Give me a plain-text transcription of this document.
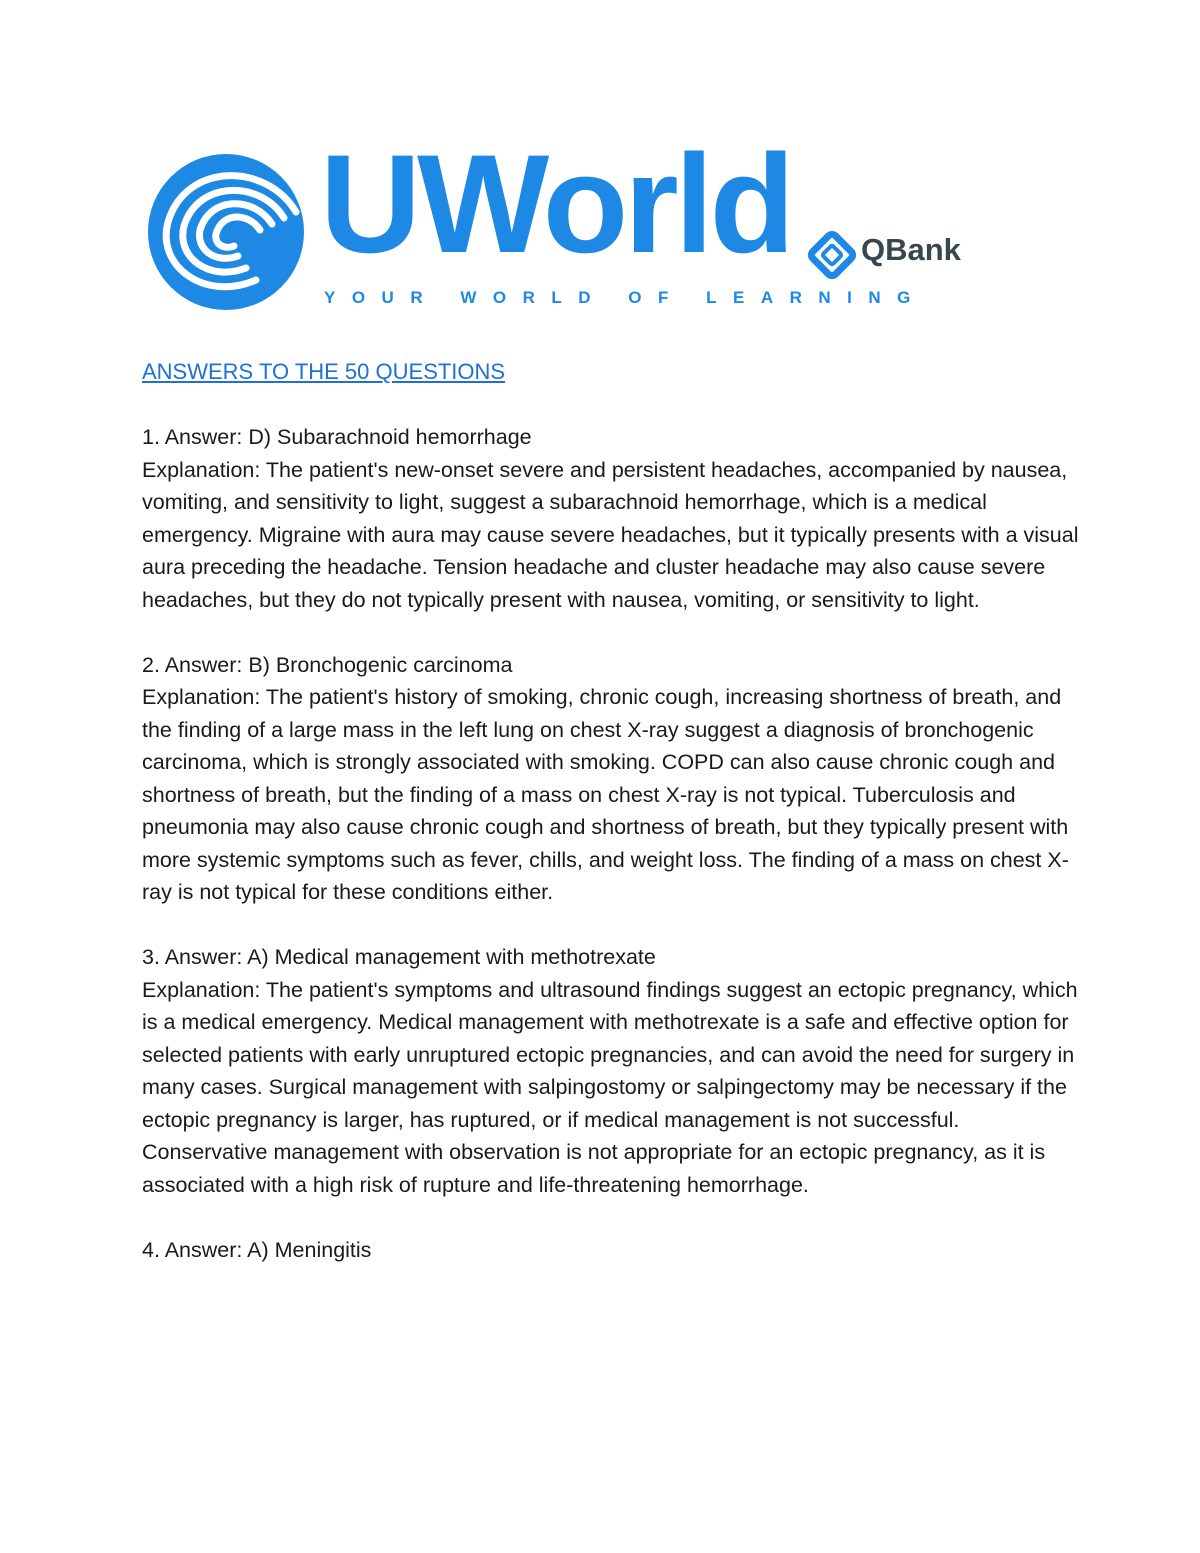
UWorld
YOUR WORLD OF LEARNING
QBank

ANSWERS TO THE 50 QUESTIONS

1. Answer: D) Subarachnoid hemorrhage

Explanation: The patient's new-onset severe and persistent headaches, accompanied by nausea, vomiting, and sensitivity to light, suggest a subarachnoid hemorrhage, which is a medical emergency. Migraine with aura may cause severe headaches, but it typically presents with a visual aura preceding the headache. Tension headache and cluster headache may also cause severe headaches, but they do not typically present with nausea, vomiting, or sensitivity to light.

2. Answer: B) Bronchogenic carcinoma

Explanation: The patient's history of smoking, chronic cough, increasing shortness of breath, and the finding of a large mass in the left lung on chest X-ray suggest a diagnosis of bronchogenic carcinoma, which is strongly associated with smoking. COPD can also cause chronic cough and shortness of breath, but the finding of a mass on chest X-ray is not typical. Tuberculosis and pneumonia may also cause chronic cough and shortness of breath, but they typically present with more systemic symptoms such as fever, chills, and weight loss. The finding of a mass on chest X-ray is not typical for these conditions either.

3. Answer: A) Medical management with methotrexate

Explanation: The patient's symptoms and ultrasound findings suggest an ectopic pregnancy, which is a medical emergency. Medical management with methotrexate is a safe and effective option for selected patients with early unruptured ectopic pregnancies, and can avoid the need for surgery in many cases. Surgical management with salpingostomy or salpingectomy may be necessary if the ectopic pregnancy is larger, has ruptured, or if medical management is not successful. Conservative management with observation is not appropriate for an ectopic pregnancy, as it is associated with a high risk of rupture and life-threatening hemorrhage.

4. Answer: A) Meningitis
